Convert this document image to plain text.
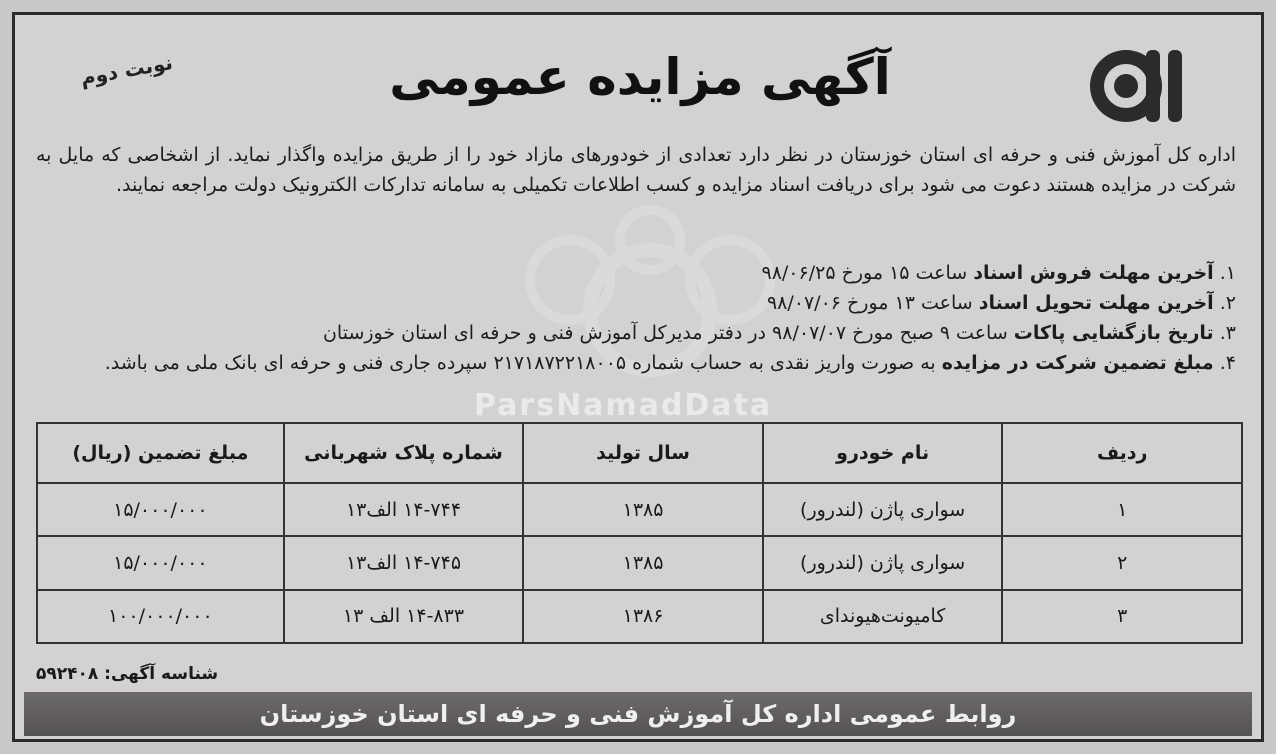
ParsNamadData
آگهی مزایده عمومی
نوبت دوم
اداره کل آموزش فنی و حرفه ای استان خوزستان در نظر دارد تعدادی از خودورهای مازاد خود را از طریق مزایده واگذار نماید. از اشخاصی که مایل به شرکت در مزایده هستند دعوت می شود برای دریافت اسناد مزایده و کسب اطلاعات تکمیلی به سامانه تدارکات الکترونیک دولت مراجعه نمایند.
۱. آخرین مهلت فروش اسناد ساعت ۱۵ مورخ ۹۸/۰۶/۲۵
۲. آخرین مهلت تحویل اسناد ساعت ۱۳ مورخ ۹۸/۰۷/۰۶
۳. تاریخ بازگشایی پاکات ساعت ۹ صبح مورخ ۹۸/۰۷/۰۷ در دفتر مدیرکل آموزش فنی و حرفه ای استان خوزستان
۴. مبلغ تضمین شرکت در مزایده به صورت واریز نقدی به حساب شماره ۲۱۷۱۸۷۲۲۱۸۰۰۵ سپرده جاری فنی و حرفه ای بانک ملی می باشد.
ردیف	نام خودرو	سال تولید	شماره پلاک شهربانی	مبلغ تضمین (ریال)
۱	سواری پاژن (لندرور)	۱۳۸۵	۱۴-۷۴۴ الف۱۳	۱۵/۰۰۰/۰۰۰
۲	سواری پاژن (لندرور)	۱۳۸۵	۱۴-۷۴۵ الف۱۳	۱۵/۰۰۰/۰۰۰
۳	کامیونت‌هیوندای	۱۳۸۶	۱۴-۸۳۳ الف ۱۳	۱۰۰/۰۰۰/۰۰۰
شناسه آگهی: ۵۹۲۴۰۸
روابط عمومی اداره کل آموزش فنی و حرفه ای استان خوزستان
